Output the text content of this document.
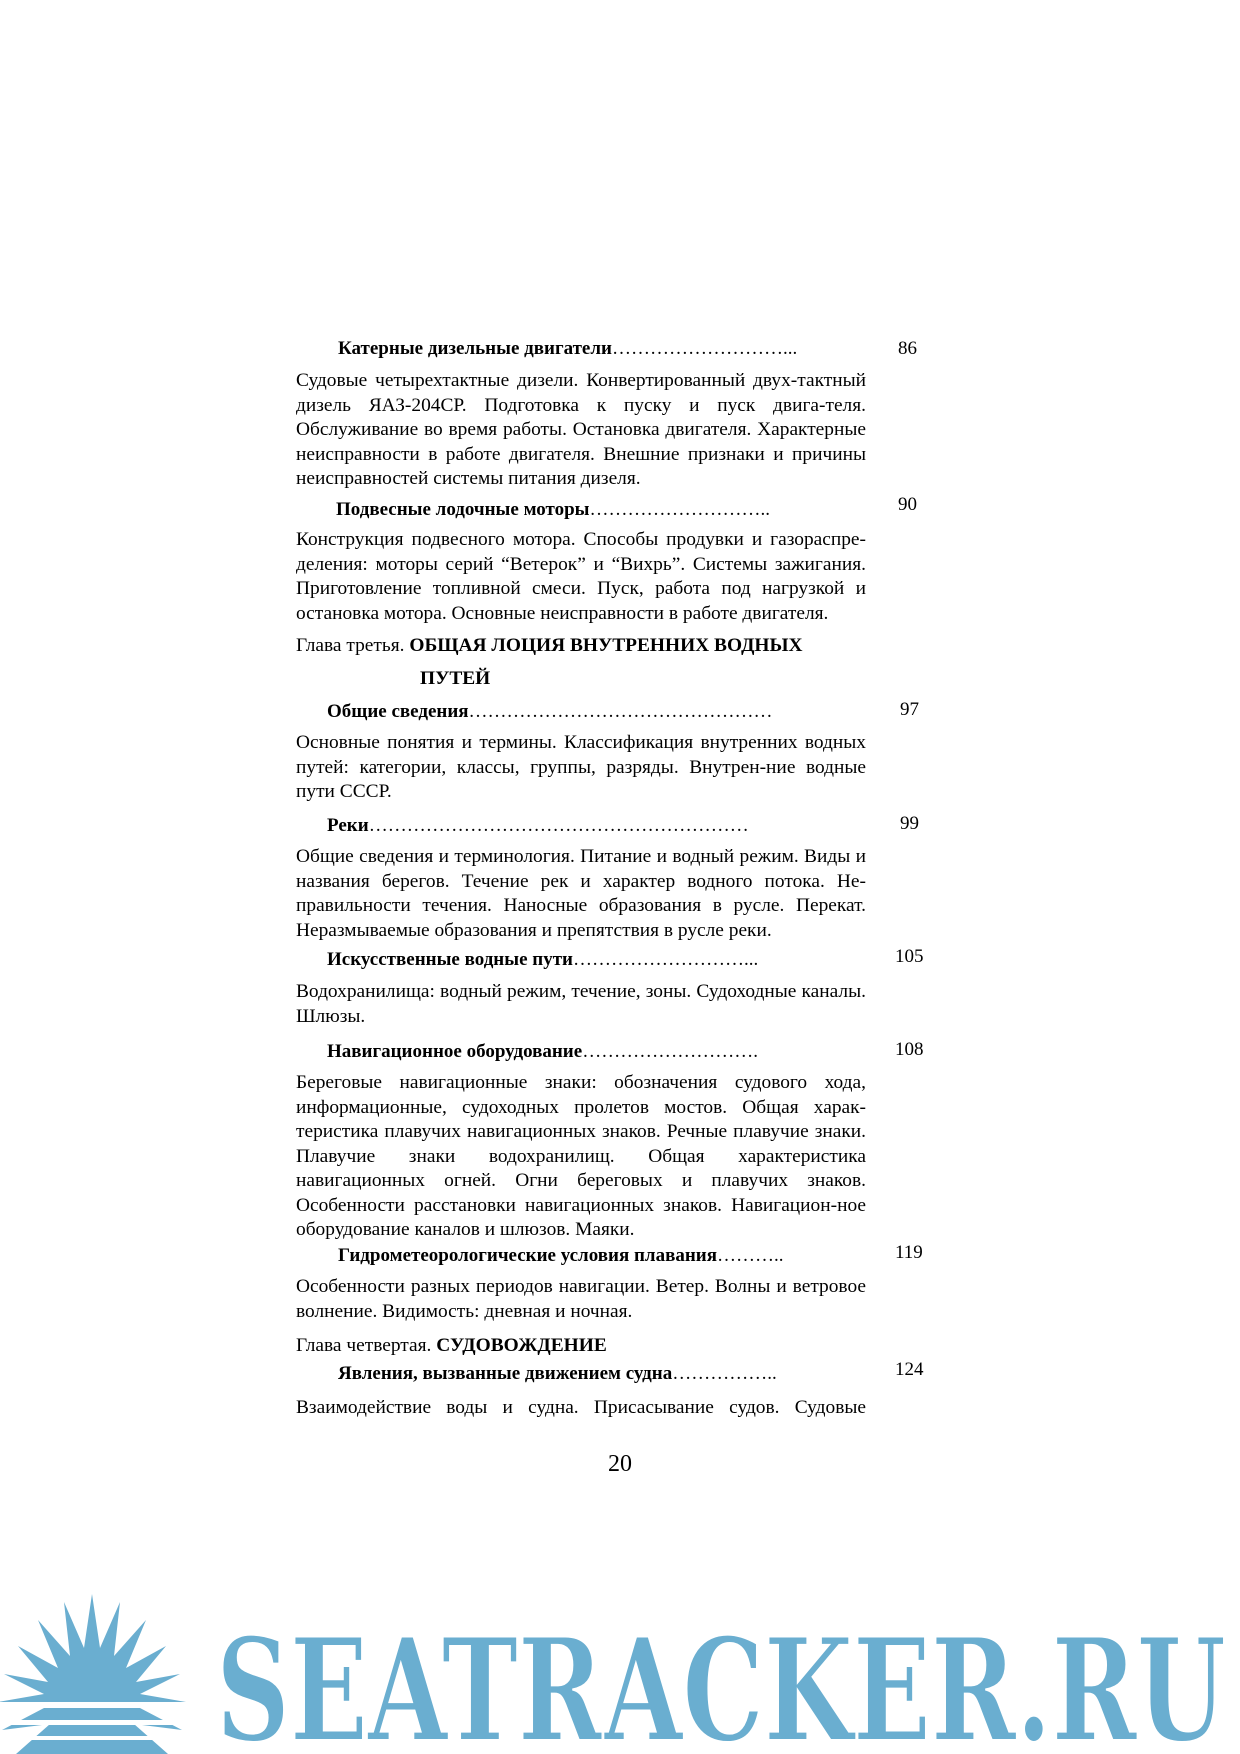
Катерные дизельные двигатели………………………...	86
Судовые четырехтактные дизели. Конвертированный двух-тактный дизель ЯАЗ-204СР. Подготовка к пуску и пуск двига-теля. Обслуживание во время работы. Остановка двигателя. Характерные неисправности в работе двигателя. Внешние признаки и причины неисправностей системы питания дизеля.
Подвесные лодочные моторы………………………..	90
Конструкция подвесного мотора. Способы продувки и газораспре-деления: моторы серий “Ветерок” и “Вихрь”. Системы зажигания. Приготовление топливной смеси. Пуск, работа под нагрузкой и остановка мотора. Основные неисправности в работе двигателя.
Глава третья. ОБЩАЯ ЛОЦИЯ ВНУТРЕННИХ ВОДНЫХ
ПУТЕЙ
Общие сведения…………………………………………	97
Основные понятия и термины. Классификация внутренних водных путей: категории, классы, группы, разряды. Внутрен-ние водные пути СССР.
Реки……………………………………………………	99
Общие сведения и терминология. Питание и водный режим. Виды и названия берегов. Течение рек и характер водного потока. Не-правильности течения. Наносные образования в русле. Перекат. Неразмываемые образования и препятствия в русле реки.
Искусственные водные пути………………………...	105
Водохранилища: водный режим, течение, зоны. Судоходные каналы. Шлюзы.
Навигационное оборудование……………………….	108
Береговые навигационные знаки: обозначения судового хода, информационные, судоходных пролетов мостов. Общая харак-теристика плавучих навигационных знаков. Речные плавучие знаки. Плавучие знаки водохранилищ. Общая характеристика навигационных огней. Огни береговых и плавучих знаков. Особенности расстановки навигационных знаков. Навигацион-ное оборудование каналов и шлюзов. Маяки.
Гидрометеорологические условия плавания………..	119
Особенности разных периодов навигации. Ветер. Волны и ветровое волнение. Видимость: дневная и ночная.
Глава четвертая. СУДОВОЖДЕНИЕ
Явления, вызванные движением судна……………..	124
Взаимодействие воды и судна. Присасывание судов. Судовые
20
SEATRACKER.RU
